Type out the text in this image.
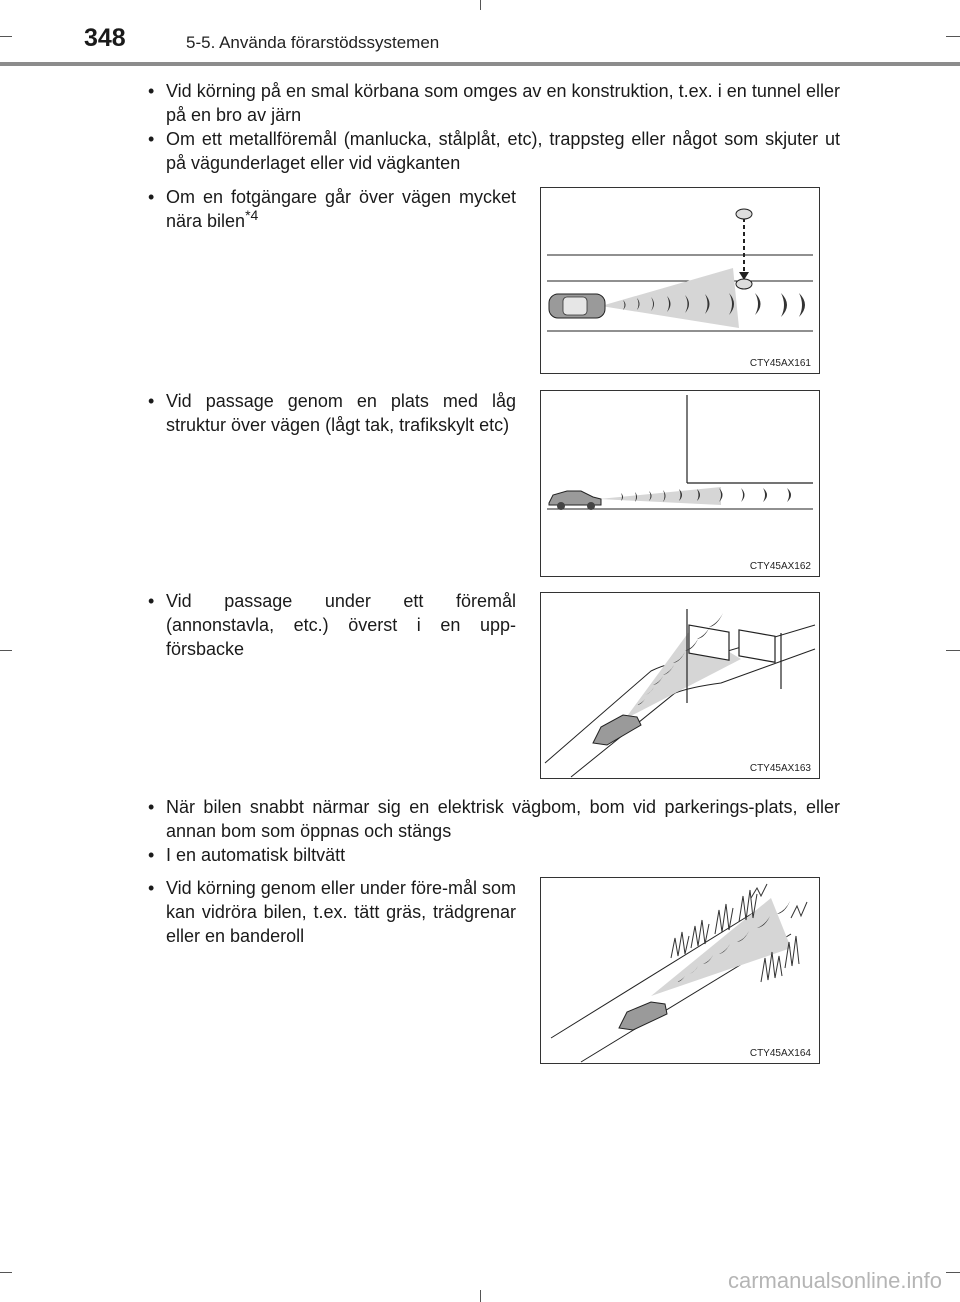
348	5-5. Använda förarstödssystemen
• Vid körning på en smal körbana som omges av en konstruktion, t.ex. i en tunnel eller på en bro av järn
• Om ett metallföremål (manlucka, stålplåt, etc), trappsteg eller något som skjuter ut på vägunderlaget eller vid vägkanten
• Om en fotgängare går över vägen mycket nära bilen$^{*4}$
CTY45AX161
• Vid passage genom en plats med låg struktur över vägen (lågt tak, trafikskylt etc)
CTY45AX162
• Vid passage under ett föremål (annonstavla, etc.) överst i en upp-försbacke
CTY45AX163
• När bilen snabbt närmar sig en elektrisk vägbom, bom vid parkerings-plats, eller annan bom som öppnas och stängs
• I en automatisk biltvätt
• Vid körning genom eller under före-mål som kan vidröra bilen, t.ex. tätt gräs, trädgrenar eller en banderoll
CTY45AX164
carmanualsonline.info
